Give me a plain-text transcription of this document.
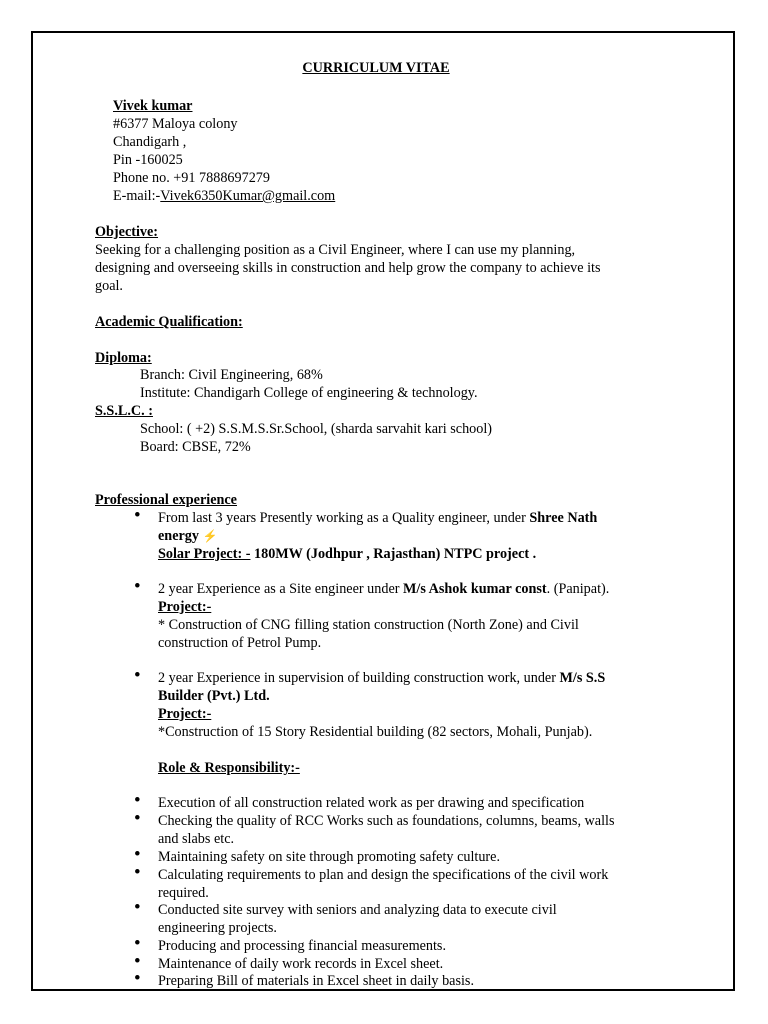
CURRICULUM VITAE
Vivek kumar
#6377 Maloya colony
Chandigarh ,
Pin -160025
Phone no. +91 7888697279
E-mail:-Vivek6350Kumar@gmail.com
Objective:
Seeking for a challenging position as a Civil Engineer, where I can use my planning,
designing and overseeing skills in construction and help grow the company to achieve its
goal.
Academic Qualification:
Diploma:
Branch: Civil Engineering, 68%
Institute: Chandigarh College of engineering & technology.
S.S.L.C. :
School: ( +2) S.S.M.S.Sr.School, (sharda sarvahit kari school)
Board: CBSE, 72%
Professional experience
•
From last 3 years Presently working as a Quality engineer, under Shree Nath
energy ⚡
Solar Project: - 180MW (Jodhpur , Rajasthan) NTPC project .
•
2 year Experience as a Site engineer under M/s Ashok kumar const. (Panipat).
Project:-
* Construction of CNG filling station construction (North Zone) and Civil
construction of Petrol Pump.
•
2 year Experience in supervision of building construction work, under M/s S.S
Builder (Pvt.) Ltd.
Project:-
*Construction of 15 Story Residential building (82 sectors, Mohali, Punjab).
Role & Responsibility:-
•
Execution of all construction related work as per drawing and specification
•
Checking the quality of RCC Works such as foundations, columns, beams, walls
and slabs etc.
•
Maintaining safety on site through promoting safety culture.
•
Calculating requirements to plan and design the specifications of the civil work
required.
•
Conducted site survey with seniors and analyzing data to execute civil
engineering projects.
•
Producing and processing financial measurements.
•
Maintenance of daily work records in Excel sheet.
•
Preparing Bill of materials in Excel sheet in daily basis.
